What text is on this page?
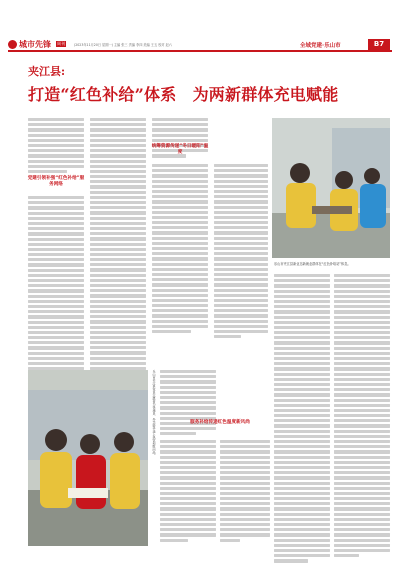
城市先锋 周刊	(2023年11月20日 星期一) 主编 张三 责编 李四 美编 王五 校对 赵六	全域党建·乐山市	B7
夹江县:
打造“红色补给”体系　为两新群体充电赋能
党建引领补强“红色补给”服务网络
统筹资源传递“冬日暖阳”温度
乐山市夹江县新业态新就业群体在“红色补给站”休息。
乐山市夹江县党员志愿者为快递员、外卖骑手送上热饮和慰问品。	服务补给传递红色温度新风尚
